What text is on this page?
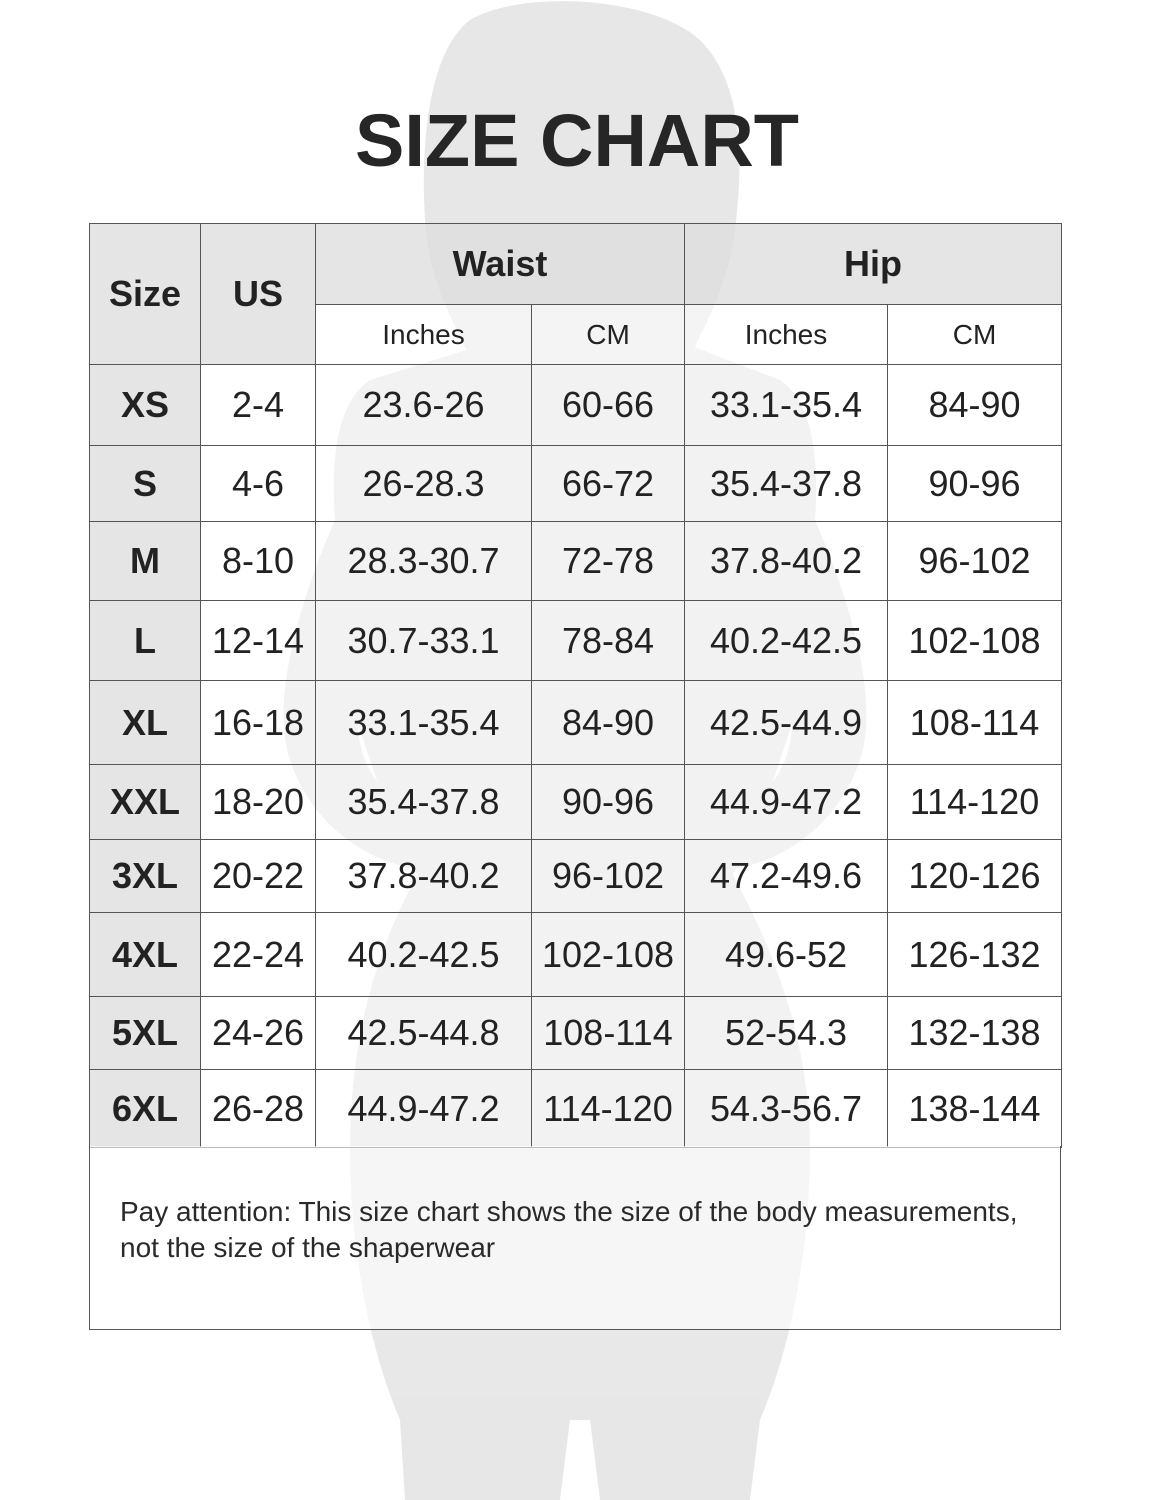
SIZE CHART
Size	US	Waist		Hip	
		Inches	CM	Inches	CM
XS	2-4	23.6-26	60-66	33.1-35.4	84-90
S	4-6	26-28.3	66-72	35.4-37.8	90-96
M	8-10	28.3-30.7	72-78	37.8-40.2	96-102
L	12-14	30.7-33.1	78-84	40.2-42.5	102-108
XL	16-18	33.1-35.4	84-90	42.5-44.9	108-114
XXL	18-20	35.4-37.8	90-96	44.9-47.2	114-120
3XL	20-22	37.8-40.2	96-102	47.2-49.6	120-126
4XL	22-24	40.2-42.5	102-108	49.6-52	126-132
5XL	24-26	42.5-44.8	108-114	52-54.3	132-138
6XL	26-28	44.9-47.2	114-120	54.3-56.7	138-144
Pay attention: This size chart shows the size of the body measurements, not the size of the shaperwear
